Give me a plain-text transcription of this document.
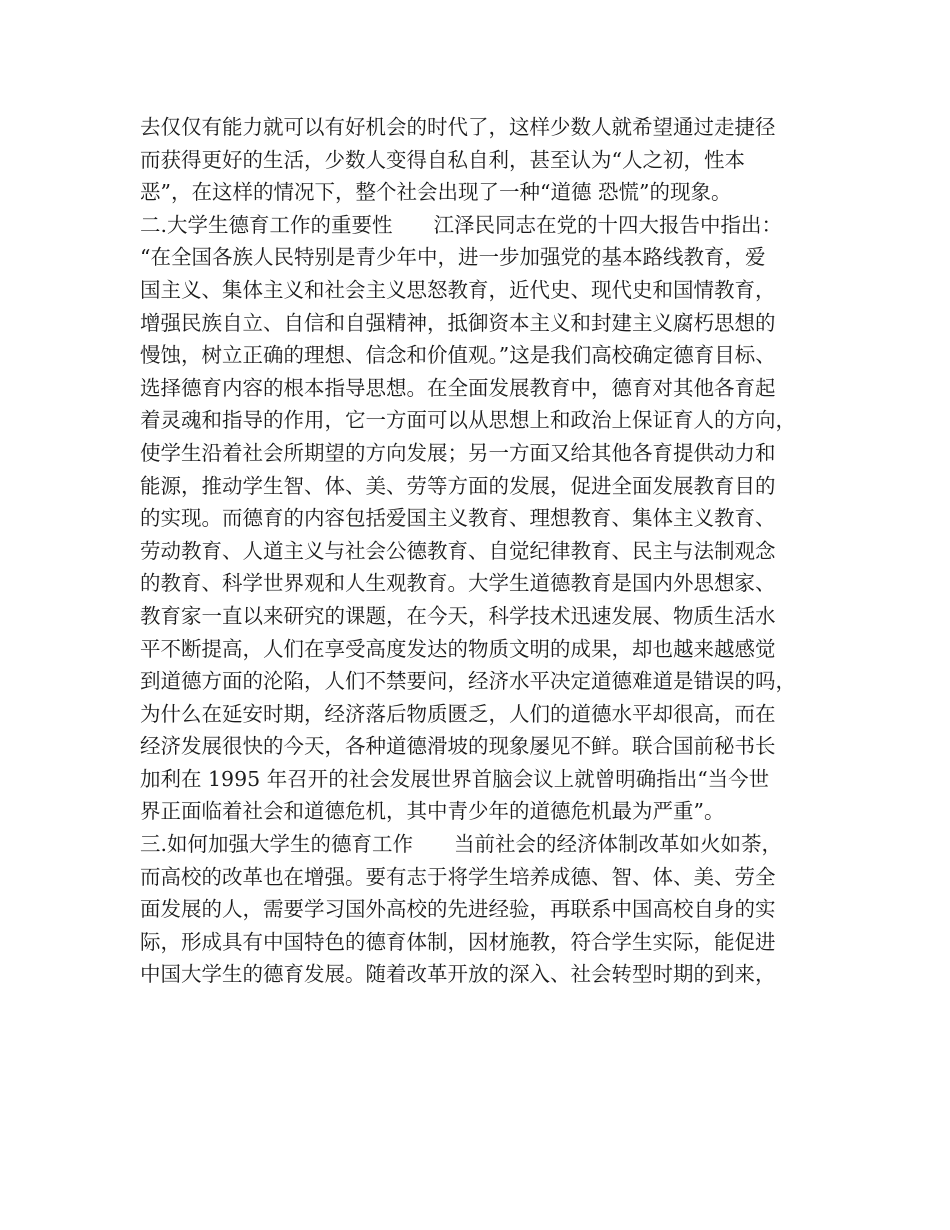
去仅仅有能力就可以有好机会的时代了，这样少数人就希望通过走捷径
而获得更好的生活，少数人变得自私自利，甚至认为“人之初，性本
恶”，在这样的情况下，整个社会出现了一种“道德 恐慌”的现象。
二.大学生德育工作的重要性　　江泽民同志在党的十四大报告中指出：
“在全国各族人民特别是青少年中，进一步加强党的基本路线教育，爱
国主义、集体主义和社会主义思怒教育，近代史、现代史和国情教育，
增强民族自立、自信和自强精神，抵御资本主义和封建主义腐朽思想的
慢蚀，树立正确的理想、信念和价值观。”这是我们高校确定德育目标、
选择德育内容的根本指导思想。在全面发展教育中，德育对其他各育起
着灵魂和指导的作用，它一方面可以从思想上和政治上保证育人的方向，
使学生沿着社会所期望的方向发展；另一方面又给其他各育提供动力和
能源，推动学生智、体、美、劳等方面的发展，促进全面发展教育目的
的实现。而德育的内容包括爱国主义教育、理想教育、集体主义教育、
劳动教育、人道主义与社会公德教育、自觉纪律教育、民主与法制观念
的教育、科学世界观和人生观教育。大学生道德教育是国内外思想家、
教育家一直以来研究的课题，在今天，科学技术迅速发展、物质生活水
平不断提高，人们在享受高度发达的物质文明的成果，却也越来越感觉
到道德方面的沦陷，人们不禁要问，经济水平决定道德难道是错误的吗，
为什么在延安时期，经济落后物质匮乏，人们的道德水平却很高，而在
经济发展很快的今天，各种道德滑坡的现象屡见不鲜。联合国前秘书长
加利在 1995 年召开的社会发展世界首脑会议上就曾明确指出“当今世
界正面临着社会和道德危机，其中青少年的道德危机最为严重”。
三.如何加强大学生的德育工作　　当前社会的经济体制改革如火如荼，
而高校的改革也在增强。要有志于将学生培养成德、智、体、美、劳全
面发展的人，需要学习国外高校的先进经验，再联系中国高校自身的实
际，形成具有中国特色的德育体制，因材施教，符合学生实际，能促进
中国大学生的德育发展。随着改革开放的深入、社会转型时期的到来，
